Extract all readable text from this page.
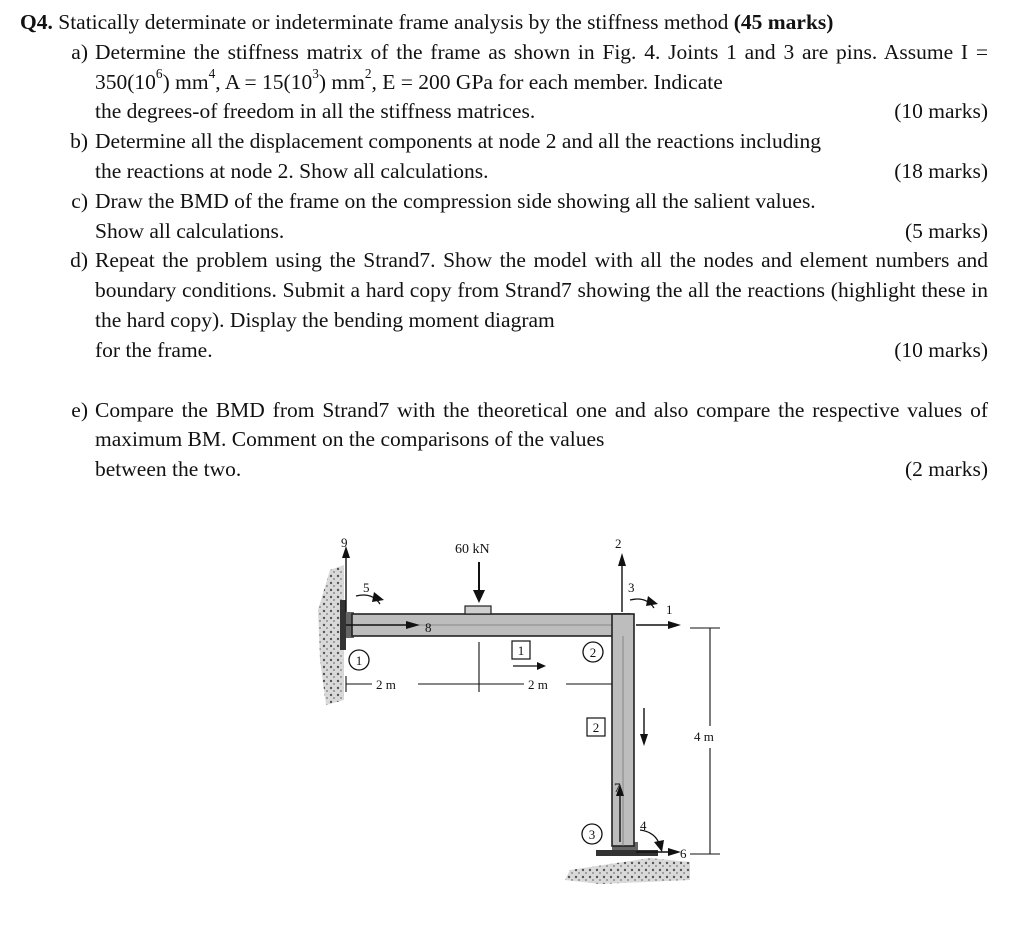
Q4. Statically determinate or indeterminate frame analysis by the stiffness method (45 marks)
a) Determine the stiffness matrix of the frame as shown in Fig. 4. Joints 1 and 3 are pins. Assume $I = 350(10^6)$ $mm^4$, $A = 15(10^3)$ $mm^2$, E = 200 GPa for each member. Indicate
the degrees-of freedom in all the stiffness matrices.	(10 marks)
b) Determine all the displacement components at node 2 and all the reactions including
the reactions at node 2. Show all calculations.	(18 marks)
c) Draw the BMD of the frame on the compression side showing all the salient values.
Show all calculations.	(5 marks)
d) Repeat the problem using the Strand7. Show the model with all the nodes and element numbers and boundary conditions. Submit a hard copy from Strand7 showing the all the reactions (highlight these in the hard copy). Display the bending moment diagram
for the frame.	(10 marks)
e) Compare the BMD from Strand7 with the theoretical one and also compare the respective values of maximum BM. Comment on the comparisons of the values
between the two.	(2 marks)
60 kN
9
5
8
2
3
1
7
4
6
1
2
3
1
2
2 m	2 m
4 m
